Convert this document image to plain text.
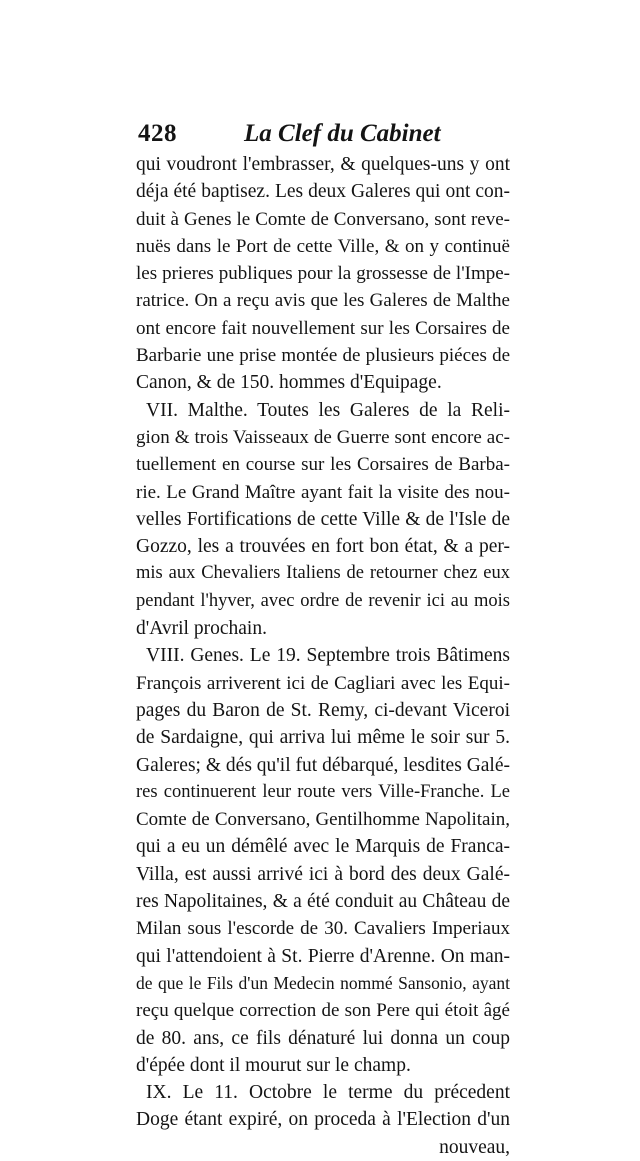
428	La Clef du Cabinet
qui voudront l'embrasser, & quelques-uns y ont
déja été baptisez. Les deux Galeres qui ont con-
duit à Genes le Comte de Conversano, sont reve-
nuës dans le Port de cette Ville, & on y continuë
les prieres publiques pour la grossesse de l'Impe-
ratrice. On a reçu avis que les Galeres de Malthe
ont encore fait nouvellement sur les Corsaires de
Barbarie une prise montée de plusieurs piéces de
Canon, & de 150. hommes d'Equipage.
VII. Malthe. Toutes les Galeres de la Reli-
gion & trois Vaisseaux de Guerre sont encore ac-
tuellement en course sur les Corsaires de Barba-
rie. Le Grand Maître ayant fait la visite des nou-
velles Fortifications de cette Ville & de l'Isle de
Gozzo, les a trouvées en fort bon état, & a per-
mis aux Chevaliers Italiens de retourner chez eux
pendant l'hyver, avec ordre de revenir ici au mois
d'Avril prochain.
VIII. Genes. Le 19. Septembre trois Bâtimens
François arriverent ici de Cagliari avec les Equi-
pages du Baron de St. Remy, ci-devant Viceroi
de Sardaigne, qui arriva lui même le soir sur 5.
Galeres; & dés qu'il fut débarqué, lesdites Galé-
res continuerent leur route vers Ville-Franche. Le
Comte de Conversano, Gentilhomme Napolitain,
qui a eu un démêlé avec le Marquis de Franca-
Villa, est aussi arrivé ici à bord des deux Galé-
res Napolitaines, & a été conduit au Château de
Milan sous l'escorde de 30. Cavaliers Imperiaux
qui l'attendoient à St. Pierre d'Arenne. On man-
de que le Fils d'un Medecin nommé Sansonio, ayant
reçu quelque correction de son Pere qui étoit âgé
de 80. ans, ce fils dénaturé lui donna un coup
d'épée dont il mourut sur le champ.
IX. Le 11. Octobre le terme du précedent
Doge étant expiré, on proceda à l'Election d'un
nouveau,
